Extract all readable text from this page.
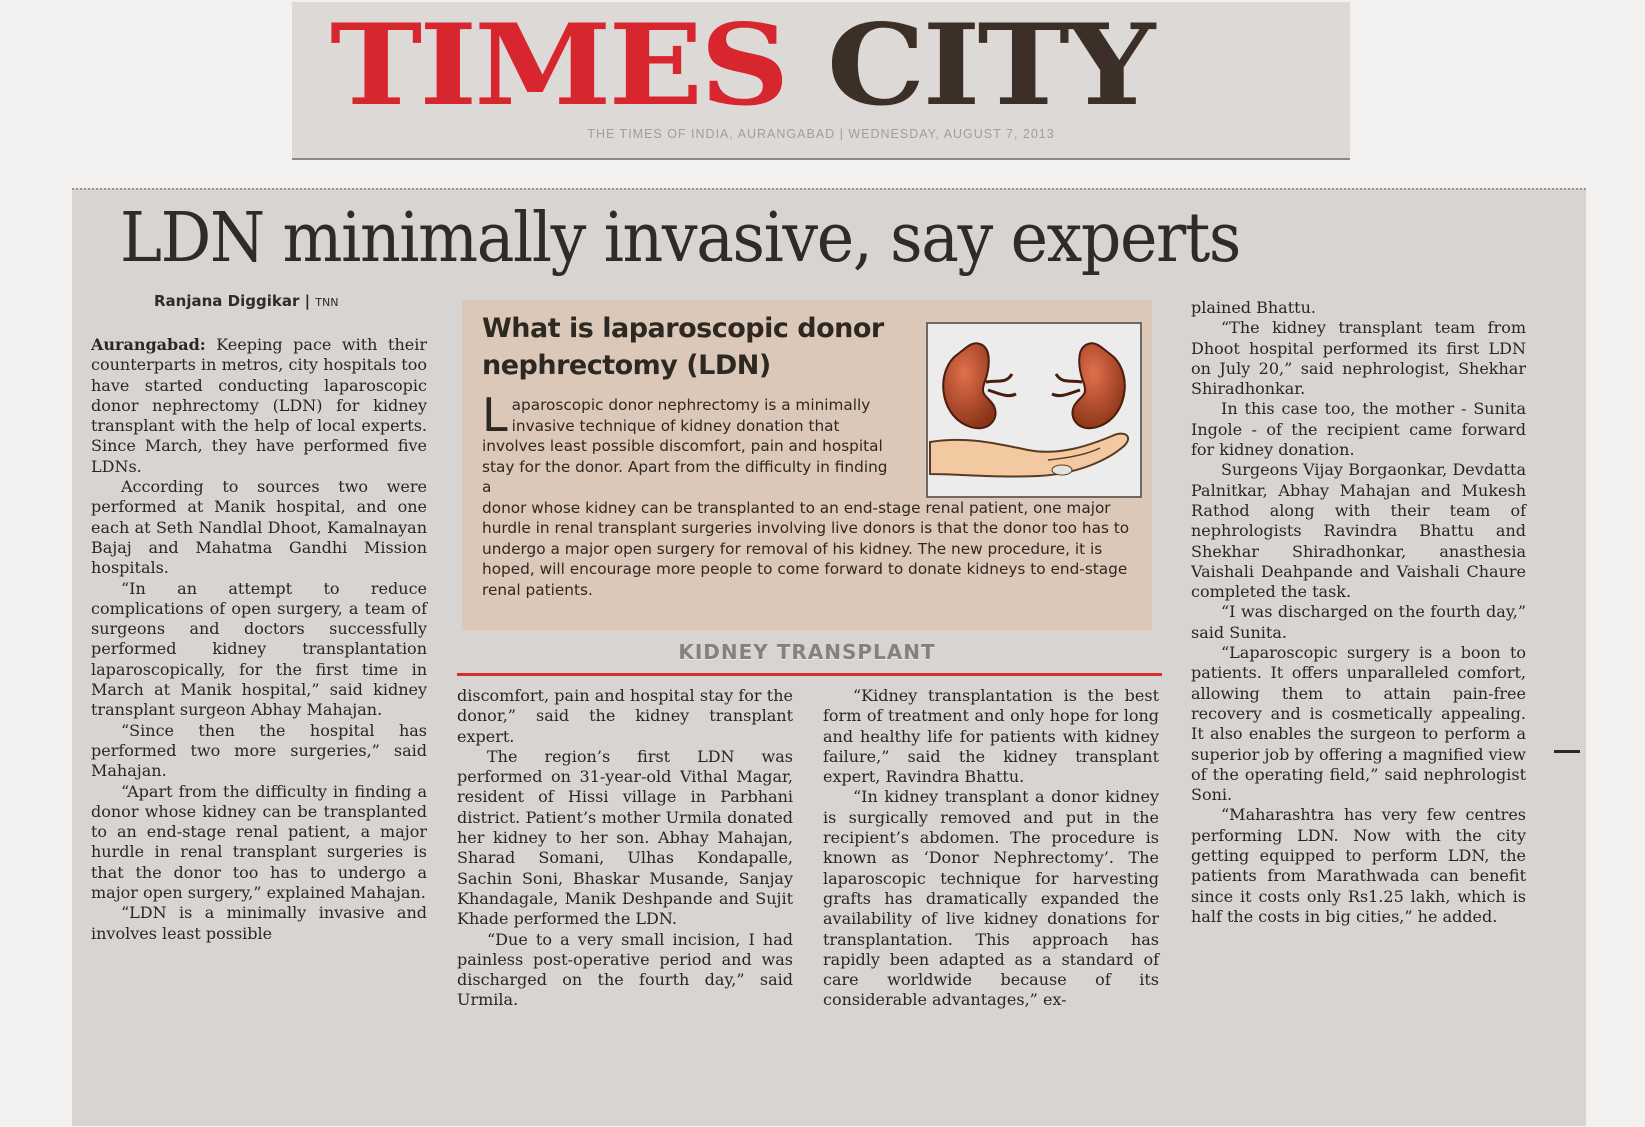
TIMES CITY
THE TIMES OF INDIA, AURANGABAD | WEDNESDAY, AUGUST 7, 2013
LDN minimally invasive, say experts
Ranjana Diggikar | TNN

Aurangabad: Keeping pace with their counterparts in metros, city hospitals too have started conducting laparoscopic donor nephrectomy (LDN) for kidney transplant with the help of local experts. Since March, they have performed five LDNs.

According to sources two were performed at Manik hospital, and one each at Seth Nandlal Dhoot, Kamalnayan Bajaj and Mahatma Gandhi Mission hospitals.

“In an attempt to reduce complications of open surgery, a team of surgeons and doctors successfully performed kidney transplantation laparoscopically, for the first time in March at Manik hospital,” said kidney transplant surgeon Abhay Mahajan.

“Since then the hospital has performed two more surgeries,” said Mahajan.

“Apart from the difficulty in finding a donor whose kidney can be transplanted to an end-stage renal patient, a major hurdle in renal transplant surgeries is that the donor too has to undergo a major open surgery,” explained Mahajan.

“LDN is a minimally invasive and involves least possible

What is laparoscopic donor nephrectomy (LDN)
Laparoscopic donor nephrectomy is a minimally invasive technique of kidney donation that involves least possible discomfort, pain and hospital stay for the donor. Apart from the difficulty in finding a
donor whose kidney can be transplanted to an end-stage renal patient, one major hurdle in renal transplant surgeries involving live donors is that the donor too has to undergo a major open surgery for removal of his kidney. The new procedure, it is hoped, will encourage more people to come forward to donate kidneys to end-stage renal patients.
KIDNEY TRANSPLANT

discomfort, pain and hospital stay for the donor,” said the kidney transplant expert.

The region’s first LDN was performed on 31-year-old Vithal Magar, resident of Hissi village in Parbhani district. Patient’s mother Urmila donated her kidney to her son. Abhay Mahajan, Sharad Somani, Ulhas Kondapalle, Sachin Soni, Bhaskar Musande, Sanjay Khandagale, Manik Deshpande and Sujit Khade performed the LDN.

“Due to a very small incision, I had painless post-operative period and was discharged on the fourth day,” said Urmila.

“Kidney transplantation is the best form of treatment and only hope for long and healthy life for patients with kidney failure,” said the kidney transplant expert, Ravindra Bhattu.

“In kidney transplant a donor kidney is surgically removed and put in the recipient’s abdomen. The procedure is known as ‘Donor Nephrectomy’. The laparoscopic technique for harvesting grafts has dramatically expanded the availability of live kidney donations for transplantation. This approach has rapidly been adapted as a standard of care worldwide because of its considerable advantages,” ex-

plained Bhattu.

“The kidney transplant team from Dhoot hospital performed its first LDN on July 20,” said nephrologist, Shekhar Shiradhonkar.

In this case too, the mother - Sunita Ingole - of the recipient came forward for kidney donation.

Surgeons Vijay Borgaonkar, Devdatta Palnitkar, Abhay Mahajan and Mukesh Rathod along with their team of nephrologists Ravindra Bhattu and Shekhar Shiradhonkar, anasthesia Vaishali Deahpande and Vaishali Chaure completed the task.

“I was discharged on the fourth day,” said Sunita.

“Laparoscopic surgery is a boon to patients. It offers unparalleled comfort, allowing them to attain pain-free recovery and is cosmetically appealing. It also enables the surgeon to perform a superior job by offering a magnified view of the operating field,” said nephrologist Soni.

“Maharashtra has very few centres performing LDN. Now with the city getting equipped to perform LDN, the patients from Marathwada can benefit since it costs only Rs1.25 lakh, which is half the costs in big cities,” he added.
